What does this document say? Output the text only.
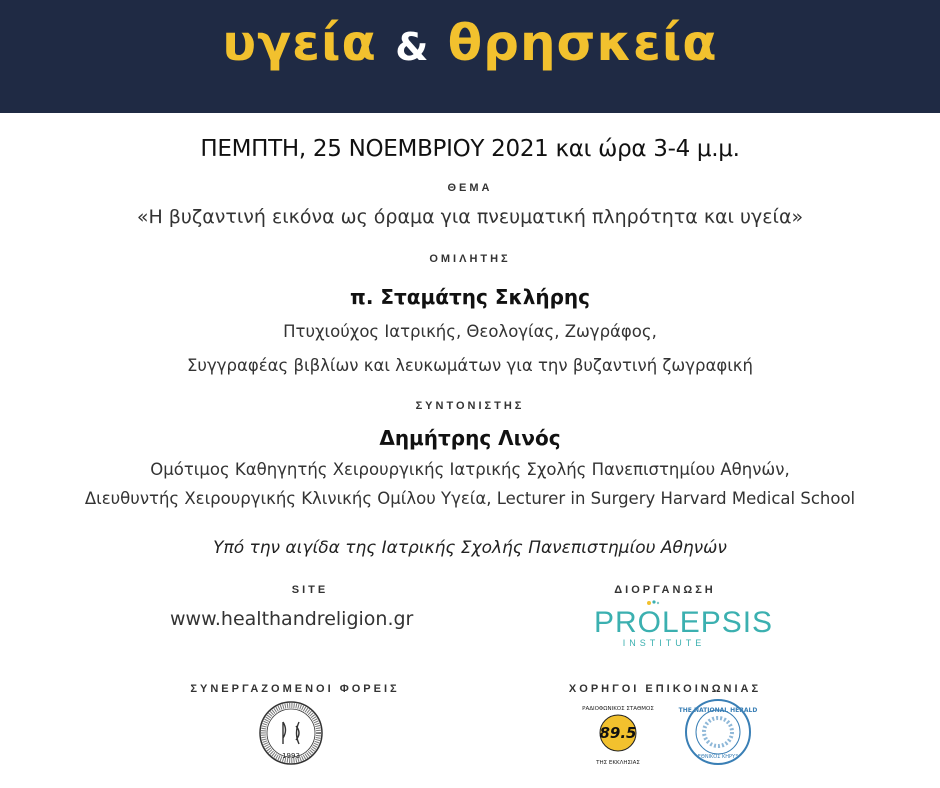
υγεία & θρησκεία
ΠΕΜΠΤΗ, 25 ΝΟΕΜΒΡΙΟΥ 2021 και ώρα 3-4 μ.μ.
ΘΕΜΑ
«Η βυζαντινή εικόνα ως όραμα για πνευματική πληρότητα και υγεία»
ΟΜΙΛΗΤΗΣ
π. Σταμάτης Σκλήρης
Πτυχιούχος Ιατρικής, Θεολογίας, Ζωγράφος,
Συγγραφέας βιβλίων και λευκωμάτων για την βυζαντινή ζωγραφική
ΣΥΝΤΟΝΙΣΤΗΣ
Δημήτρης Λινός
Ομότιμος Καθηγητής Χειρουργικής Ιατρικής Σχολής Πανεπιστημίου Αθηνών,
Διευθυντής Χειρουργικής Κλινικής Ομίλου Υγεία, Lecturer in Surgery Harvard Medical School
Υπό την αιγίδα της Ιατρικής Σχολής Πανεπιστημίου Αθηνών
SITE
www.healthandreligion.gr
ΔΙΟΡΓΑΝΩΣΗ
PROLEPSIS
INSTITUTE
ΣΥΝΕΡΓΑΖΟΜΕΝΟΙ ΦΟΡΕΙΣ
1993
ΧΟΡΗΓΟΙ ΕΠΙΚΟΙΝΩΝΙΑΣ
ΡΑΔΙΟΦΩΝΙΚΟΣ ΣΤΑΘΜΟΣ
89.5
ΤΗΣ ΕΚΚΛΗΣΙΑΣ
THE NATIONAL HERALD
ΕΘΝΙΚΟΣ ΚΗΡΥΞ
